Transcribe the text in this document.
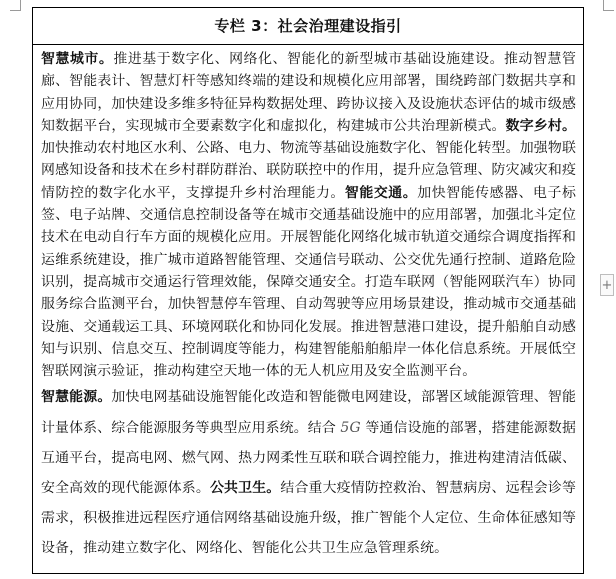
+
专栏 3：社会治理建设指引

智慧城市。推进基于数字化、网络化、智能化的新型城市基础设施建设。推动智慧管廊、智能表计、智慧灯杆等感知终端的建设和规模化应用部署，围绕跨部门数据共享和应用协同，加快建设多维多特征异构数据处理、跨协议接入及设施状态评估的城市级感知数据平台，实现城市全要素数字化和虚拟化，构建城市公共治理新模式。数字乡村。加快推动农村地区水利、公路、电力、物流等基础设施数字化、智能化转型。加强物联网感知设备和技术在乡村群防群治、联防联控中的作用，提升应急管理、防灾减灾和疫情防控的数字化水平，支撑提升乡村治理能力。智能交通。加快智能传感器、电子标签、电子站牌、交通信息控制设备等在城市交通基础设施中的应用部署，加强北斗定位技术在电动自行车方面的规模化应用。开展智能化网络化城市轨道交通综合调度指挥和运维系统建设，推广城市道路智能管理、交通信号联动、公交优先通行控制、道路危险识别，提高城市交通运行管理效能，保障交通安全。打造车联网（智能网联汽车）协同服务综合监测平台，加快智慧停车管理、自动驾驶等应用场景建设，推动城市交通基础设施、交通载运工具、环境网联化和协同化发展。推进智慧港口建设，提升船舶自动感知与识别、信息交互、控制调度等能力，构建智能船舶船岸一体化信息系统。开展低空智联网演示验证，推动构建空天地一体的无人机应用及安全监测平台。

智慧能源。加快电网基础设施智能化改造和智能微电网建设，部署区域能源管理、智能计量体系、综合能源服务等典型应用系统。结合 5G 等通信设施的部署，搭建能源数据互通平台，提高电网、燃气网、热力网柔性互联和联合调控能力，推进构建清洁低碳、安全高效的现代能源体系。公共卫生。结合重大疫情防控救治、智慧病房、远程会诊等需求，积极推进远程医疗通信网络基础设施升级，推广智能个人定位、生命体征感知等设备，推动建立数字化、网络化、智能化公共卫生应急管理系统。
